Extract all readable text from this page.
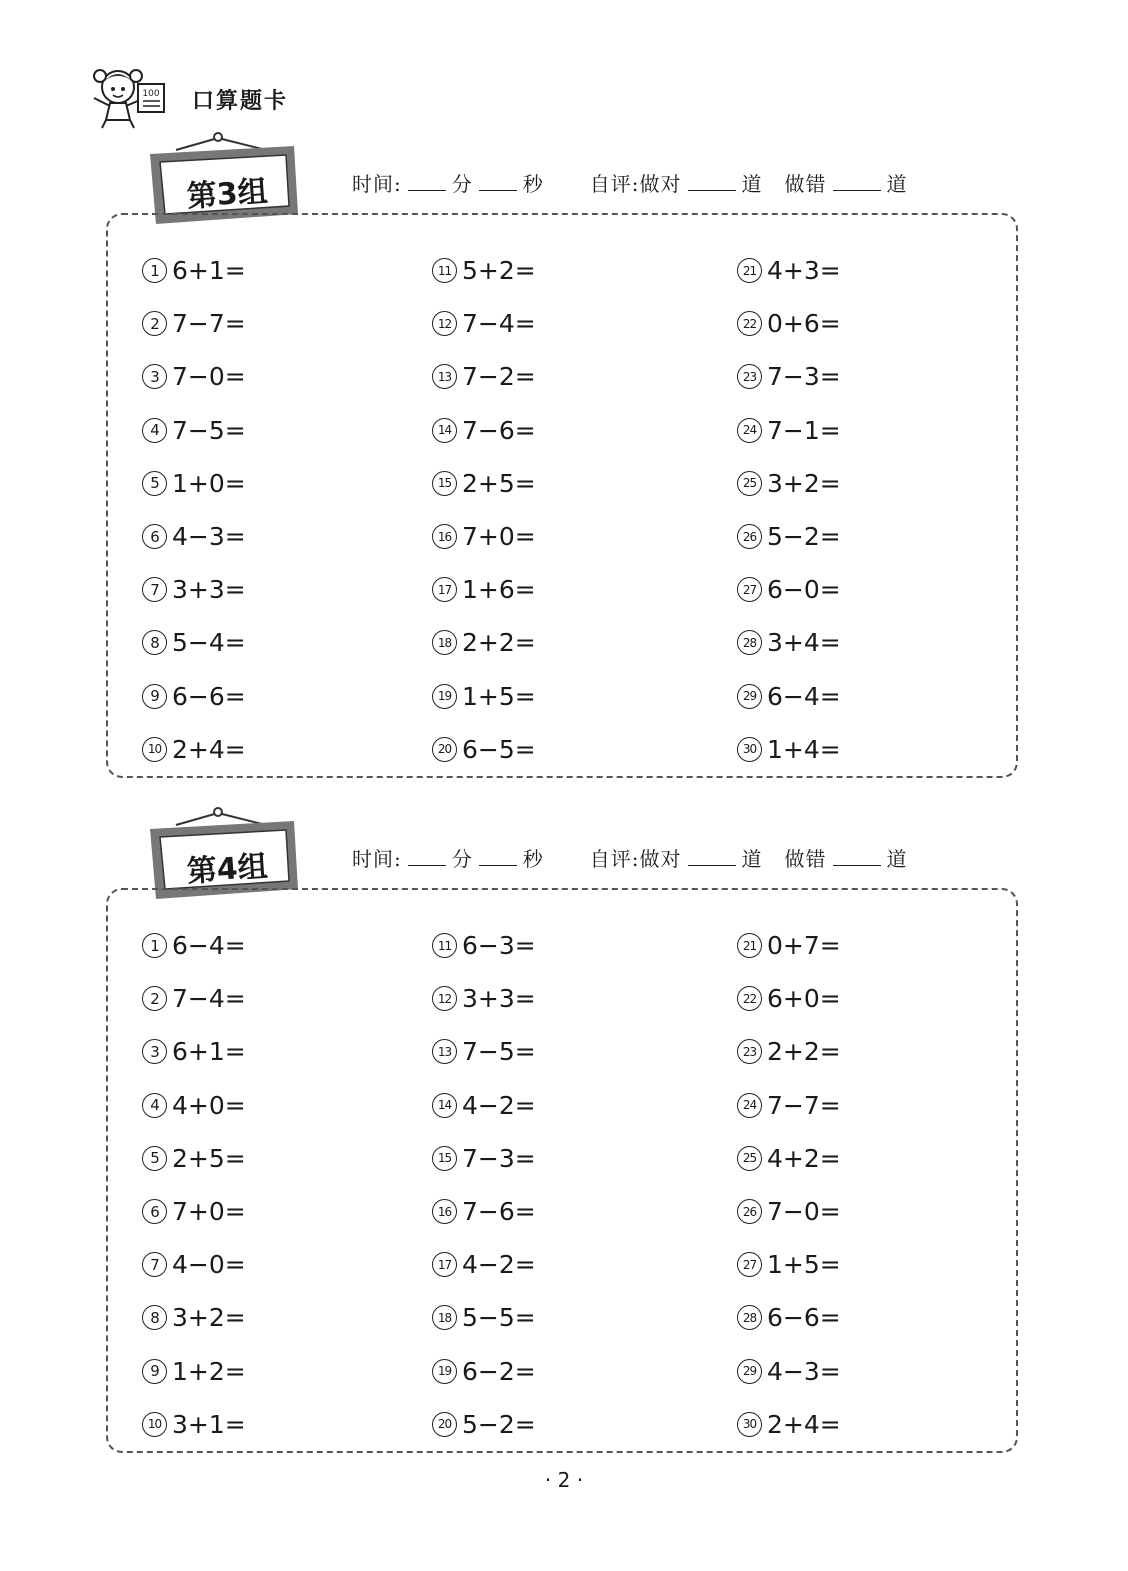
100 口算题卡
第3组	时间:	分	秒 自评:做对	道 做错	道
1 6+1=
2 7−7=
3 7−0=
4 7−5=
5 1+0=
6 4−3=
7 3+3=
8 5−4=
9 6−6=
10 2+4=
11 5+2=
12 7−4=
13 7−2=
14 7−6=
15 2+5=
16 7+0=
17 1+6=
18 2+2=
19 1+5=
20 6−5=
21 4+3=
22 0+6=
23 7−3=
24 7−1=
25 3+2=
26 5−2=
27 6−0=
28 3+4=
29 6−4=
30 1+4=
第4组	时间:	分	秒 自评:做对	道 做错	道
1 6−4=
2 7−4=
3 6+1=
4 4+0=
5 2+5=
6 7+0=
7 4−0=
8 3+2=
9 1+2=
10 3+1=
11 6−3=
12 3+3=
13 7−5=
14 4−2=
15 7−3=
16 7−6=
17 4−2=
18 5−5=
19 6−2=
20 5−2=
21 0+7=
22 6+0=
23 2+2=
24 7−7=
25 4+2=
26 7−0=
27 1+5=
28 6−6=
29 4−3=
30 2+4=
· 2 ·
